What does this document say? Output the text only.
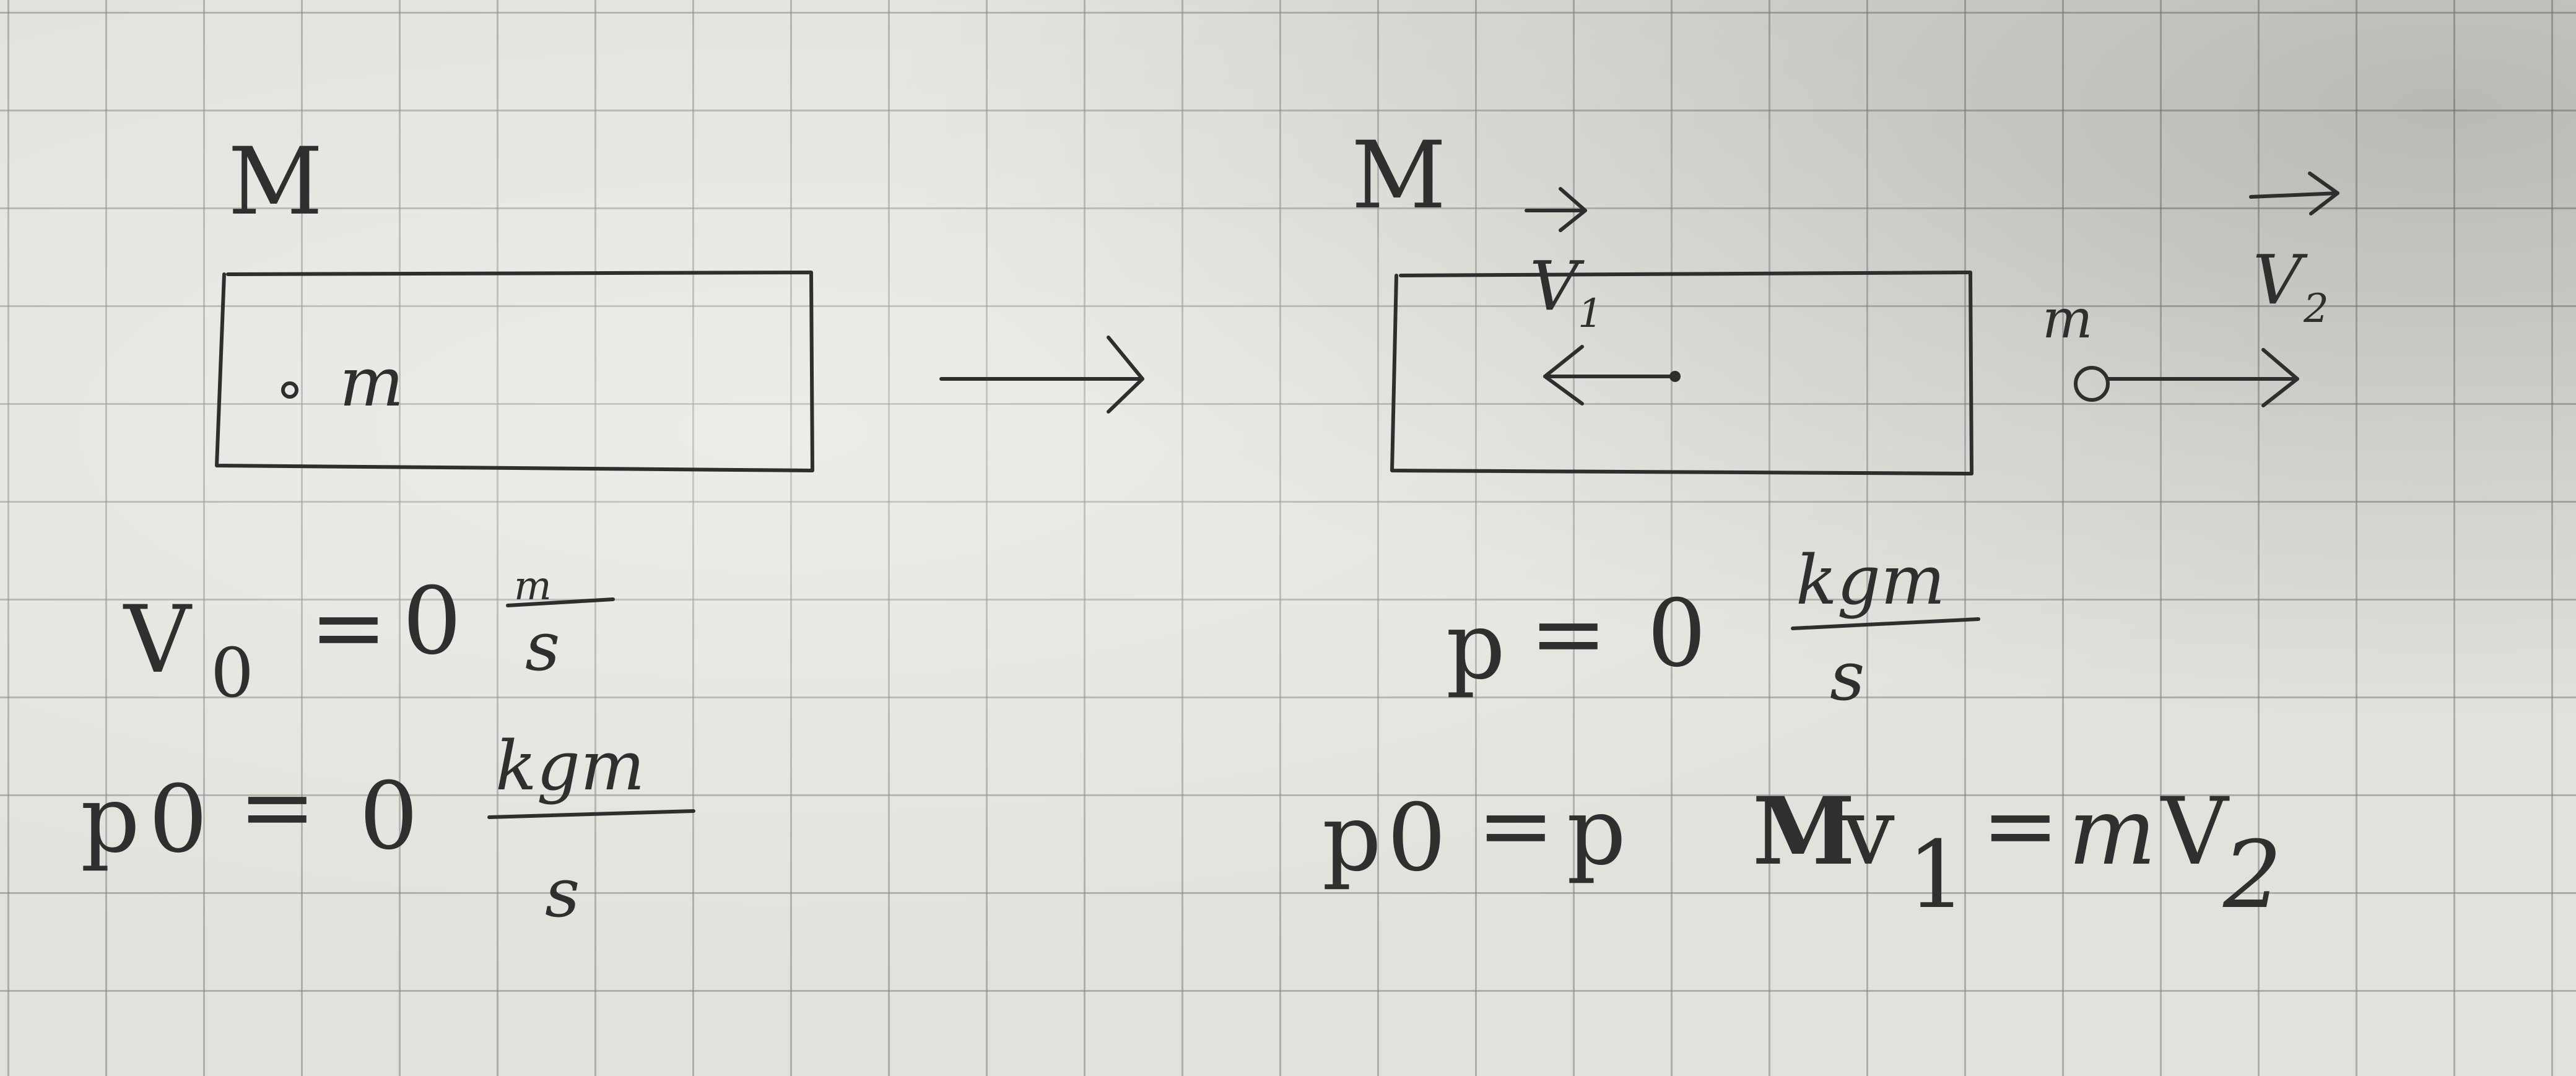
M
m
M
V
1	m V 2
V 0 = 0 m
s
p 0 = 0 kgm
s
p = 0 kgm
s
p 0 = p M
v 1 = m V
2
